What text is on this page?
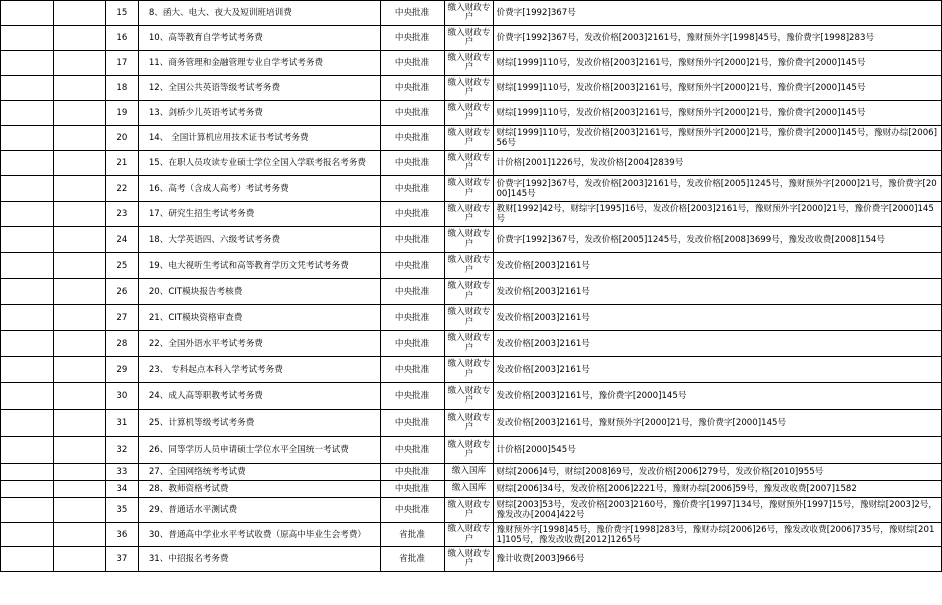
		15	8、函大、电大、夜大及短训班培训费	中央批准	缴入财政专户	价费字[1992]367号
		16	10、高等教育自学考试考务费	中央批准	缴入财政专户	价费字[1992]367号，发改价格[2003]2161号，豫财预外字[1998]45号，豫价费字[1998]283号
		17	11、商务管理和金融管理专业自学考试考务费	中央批准	缴入财政专户	财综[1999]110号，发改价格[2003]2161号，豫财预外字[2000]21号，豫价费字[2000]145号
		18	12、全国公共英语等级考试考务费	中央批准	缴入财政专户	财综[1999]110号，发改价格[2003]2161号，豫财预外字[2000]21号，豫价费字[2000]145号
		19	13、剑桥少儿英语考试考务费	中央批准	缴入财政专户	财综[1999]110号，发改价格[2003]2161号，豫财预外字[2000]21号，豫价费字[2000]145号
		20	14、 全国计算机应用技术证书考试考务费	中央批准	缴入财政专户	财综[1999]110号，发改价格[2003]2161号，豫财预外字[2000]21号，豫价费字[2000]145号，豫财办综[2006]56号
		21	15、在职人员攻读专业硕士学位全国入学联考报名考务费	中央批准	缴入财政专户	计价格[2001]1226号，发改价格[2004]2839号
		22	16、高考（含成人高考）考试考务费	中央批准	缴入财政专户	价费字[1992]367号，发改价格[2003]2161号，发改价格[2005]1245号，豫财预外字[2000]21号，豫价费字[2000]145号
		23	17、研究生招生考试考务费	中央批准	缴入财政专户	教财[1992]42号，财综字[1995]16号，发改价格[2003]2161号，豫财预外字[2000]21号，豫价费字[2000]145号
		24	18、大学英语四、六级考试考务费	中央批准	缴入财政专户	价费字[1992]367号，发改价格[2005]1245号，发改价格[2008]3699号，豫发改收费[2008]154号
		25	19、电大视听生考试和高等教育学历文凭考试考务费	中央批准	缴入财政专户	发改价格[2003]2161号
		26	20、CIT模块报告考核费	中央批准	缴入财政专户	发改价格[2003]2161号
		27	21、CIT模块资格审查费	中央批准	缴入财政专户	发改价格[2003]2161号
		28	22、全国外语水平考试考务费	中央批准	缴入财政专户	发改价格[2003]2161号
		29	23、 专科起点本科入学考试考务费	中央批准	缴入财政专户	发改价格[2003]2161号
		30	24、成人高等职教考试考务费	中央批准	缴入财政专户	发改价格[2003]2161号，豫价费字[2000]145号
		31	25、计算机等级考试考务费	中央批准	缴入财政专户	发改价格[2003]2161号，豫财预外字[2000]21号，豫价费字[2000]145号
		32	26、同等学历人员申请硕士学位水平全国统一考试费	中央批准	缴入财政专户	计价格[2000]545号
		33	27、全国网络统考考试费	中央批准	缴入国库	财综[2006]4号，财综[2008]69号，发改价格[2006]279号，发改价格[2010]955号
		34	28、教师资格考试费	中央批准	缴入国库	财综[2006]34号，发改价格[2006]2221号，豫财办综[2006]59号，豫发改收费[2007]1582
		35	29、普通话水平测试费	中央批准	缴入财政专户	财综[2003]53号，发改价格[2003]2160号，豫价费字[1997]134号，豫财预外[1997]15号，豫财综[2003]2号，豫发改办[2004]422号
		36	30、普通高中学业水平考试收费（原高中毕业生会考费）	省批准	缴入财政专户	豫财预外字[1998]45号，豫价费字[1998]283号，豫财办综[2006]26号，豫发改收费[2006]735号，豫财综[2011]105号，豫发改收费[2012]1265号
		37	31、中招报名考务费	省批准	缴入财政专户	豫计收费[2003]966号
